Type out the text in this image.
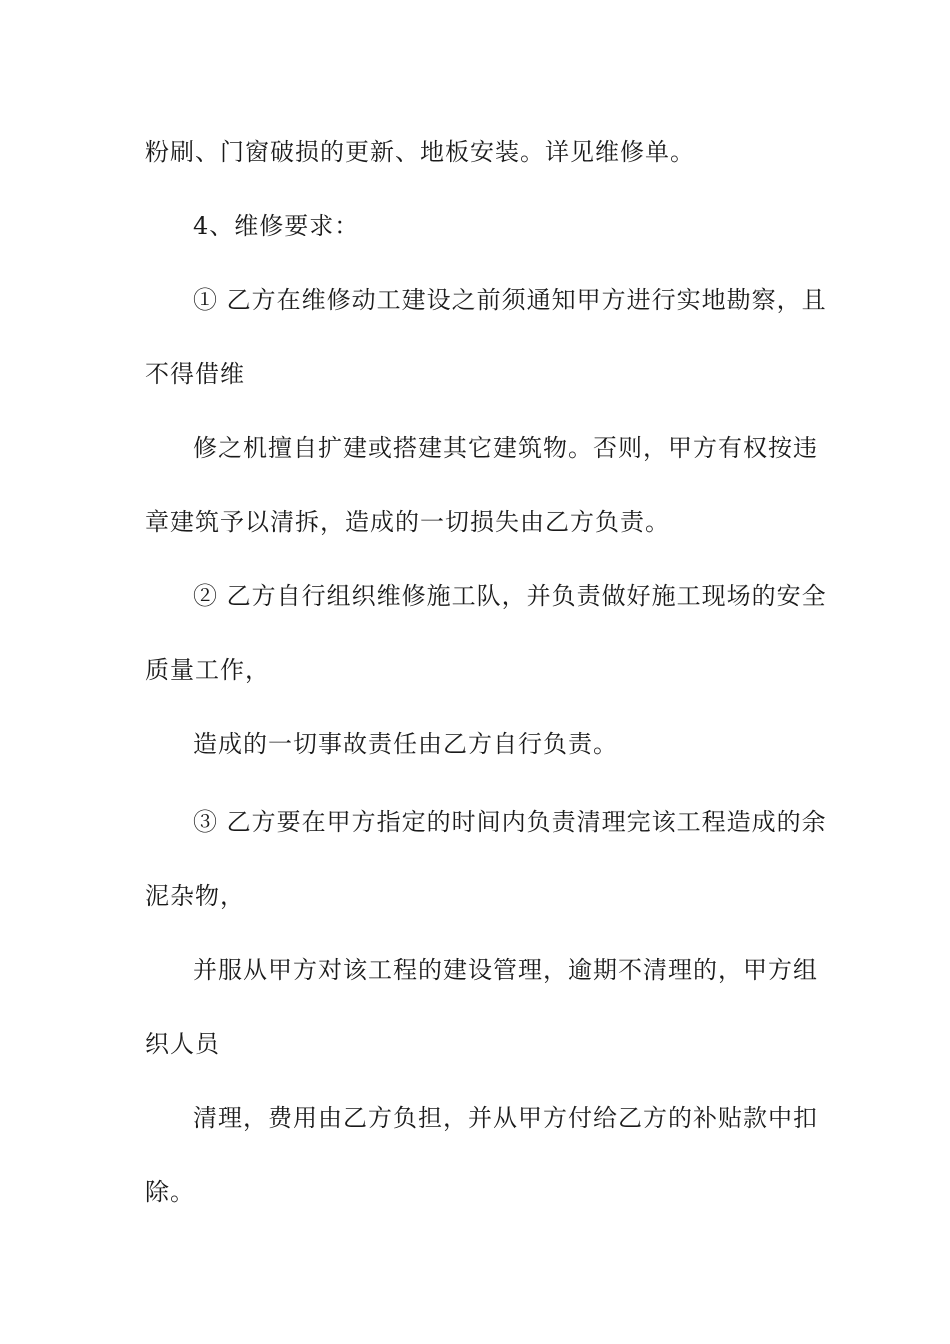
粉刷、门窗破损的更新、地板安装。详见维修单。
4、维修要求：
① 乙方在维修动工建设之前须通知甲方进行实地勘察，且
不得借维
修之机擅自扩建或搭建其它建筑物。否则，甲方有权按违
章建筑予以清拆，造成的一切损失由乙方负责。
② 乙方自行组织维修施工队，并负责做好施工现场的安全
质量工作，
造成的一切事故责任由乙方自行负责。
③ 乙方要在甲方指定的时间内负责清理完该工程造成的余
泥杂物，
并服从甲方对该工程的建设管理，逾期不清理的，甲方组
织人员
清理，费用由乙方负担，并从甲方付给乙方的补贴款中扣
除。
